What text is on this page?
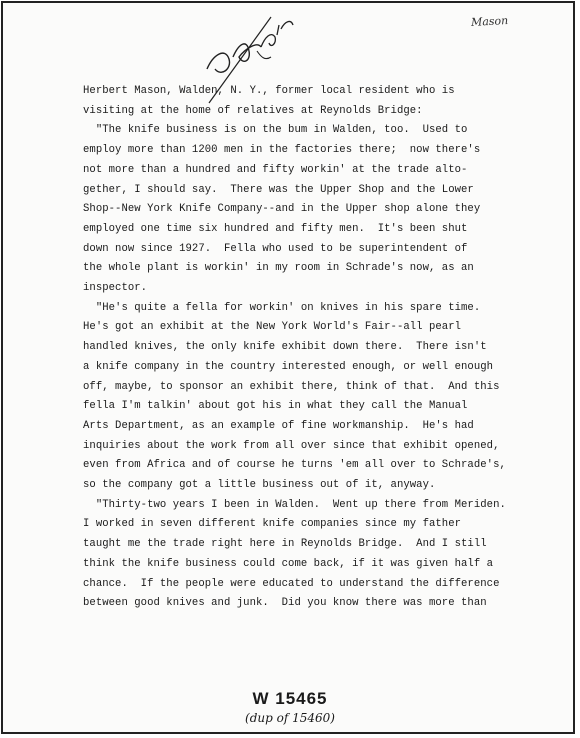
Mason
Herbert Mason, Walden, N. Y., former local resident who is
visiting at the home of relatives at Reynolds Bridge:
"The knife business is on the bum in Walden, too.  Used to
employ more than 1200 men in the factories there;  now there's
not more than a hundred and fifty workin' at the trade alto-
gether, I should say.  There was the Upper Shop and the Lower
Shop--New York Knife Company--and in the Upper shop alone they
employed one time six hundred and fifty men.  It's been shut
down now since 1927.  Fella who used to be superintendent of
the whole plant is workin' in my room in Schrade's now, as an
inspector.
"He's quite a fella for workin' on knives in his spare time.
He's got an exhibit at the New York World's Fair--all pearl
handled knives, the only knife exhibit down there.  There isn't
a knife company in the country interested enough, or well enough
off, maybe, to sponsor an exhibit there, think of that.  And this
fella I'm talkin' about got his in what they call the Manual
Arts Department, as an example of fine workmanship.  He's had
inquiries about the work from all over since that exhibit opened,
even from Africa and of course he turns 'em all over to Schrade's,
so the company got a little business out of it, anyway.
"Thirty-two years I been in Walden.  Went up there from Meriden.
I worked in seven different knife companies since my father
taught me the trade right here in Reynolds Bridge.  And I still
think the knife business could come back, if it was given half a
chance.  If the people were educated to understand the difference
between good knives and junk.  Did you know there was more than
W 15465
(dup of 15460)
